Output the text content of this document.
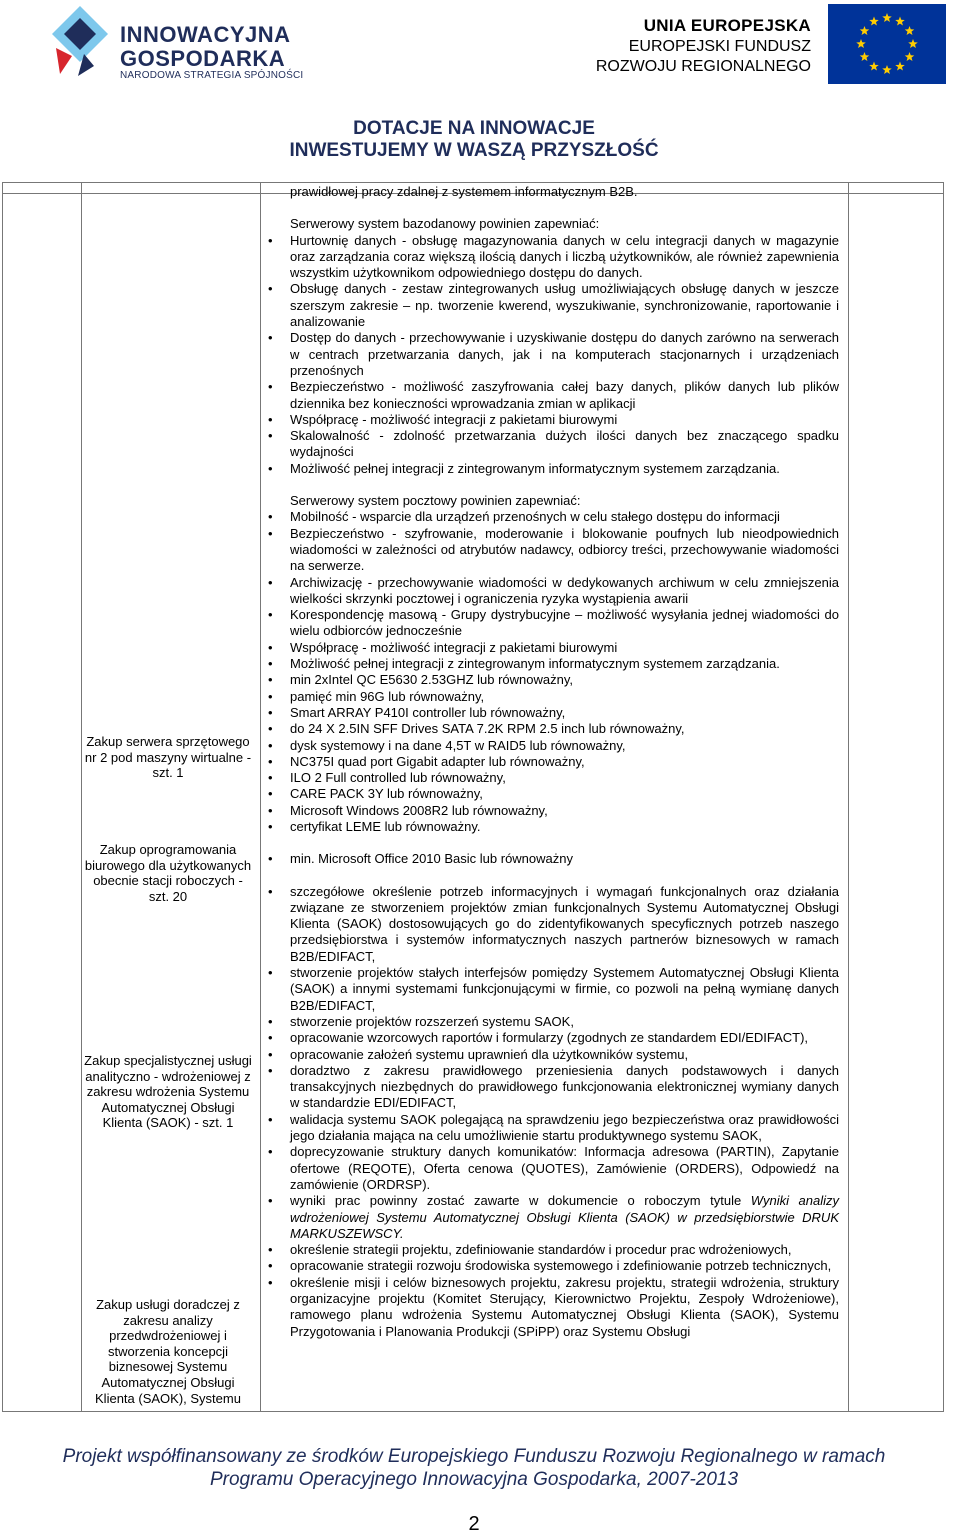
INNOWACYJNA
GOSPODARKA
NARODOWA STRATEGIA SPÓJNOŚCI
UNIA EUROPEJSKA
EUROPEJSKI FUNDUSZ
ROZWOJU REGIONALNEGO
DOTACJE NA INNOWACJE
INWESTUJEMY W WASZĄ PRZYSZŁOŚĆ
Zakup serwera sprzętowego nr 2 pod maszyny wirtualne - szt. 1
Zakup oprogramowania biurowego dla użytkowanych obecnie stacji roboczych - szt. 20
Zakup specjalistycznej usługi analityczno - wdrożeniowej z zakresu wdrożenia Systemu Automatycznej Obsługi Klienta (SAOK) - szt. 1
Zakup usługi doradczej z zakresu analizy przedwdrożeniowej i stworzenia koncepcji biznesowej Systemu Automatycznej Obsługi Klienta (SAOK), Systemu

prawidłowej pracy zdalnej z systemem informatycznym B2B.

Serwerowy system bazodanowy powinien zapewniać:

• Hurtownię danych - obsługę magazynowania danych w celu integracji danych w magazynie oraz zarządzania coraz większą ilością danych i liczbą użytkowników, ale również zapewnienia wszystkim użytkownikom odpowiedniego dostępu do danych.
• Obsługę danych - zestaw zintegrowanych usług umożliwiających obsługę danych w jeszcze szerszym zakresie – np. tworzenie kwerend, wyszukiwanie, synchronizowanie, raportowanie i analizowanie
• Dostęp do danych - przechowywanie i uzyskiwanie dostępu do danych zarówno na serwerach w centrach przetwarzania danych, jak i na komputerach stacjonarnych i urządzeniach przenośnych
• Bezpieczeństwo - możliwość zaszyfrowania całej bazy danych, plików danych lub plików dziennika bez konieczności wprowadzania zmian w aplikacji
• Współpracę - możliwość integracji z pakietami biurowymi
• Skalowalność - zdolność przetwarzania dużych ilości danych bez znaczącego spadku wydajności
• Możliwość pełnej integracji z zintegrowanym informatycznym systemem zarządzania.

Serwerowy system pocztowy powinien zapewniać:

• Mobilność - wsparcie dla urządzeń przenośnych w celu stałego dostępu do informacji
• Bezpieczeństwo - szyfrowanie, moderowanie i blokowanie poufnych lub nieodpowiednich wiadomości w zależności od atrybutów nadawcy, odbiorcy treści, przechowywanie wiadomości na serwerze.
• Archiwizację - przechowywanie wiadomości w dedykowanych archiwum w celu zmniejszenia wielkości skrzynki pocztowej i ograniczenia ryzyka wystąpienia awarii
• Korespondencję masową - Grupy dystrybucyjne – możliwość wysyłania jednej wiadomości do wielu odbiorców jednocześnie
• Współpracę - możliwość integracji z pakietami biurowymi
• Możliwość pełnej integracji z zintegrowanym informatycznym systemem zarządzania.
• min 2xIntel QC E5630 2.53GHZ lub równoważny,
• pamięć min 96G lub równoważny,
• Smart ARRAY P410I controller lub równoważny,
• do 24 X 2.5IN SFF Drives SATA 7.2K RPM 2.5 inch lub równoważny,
• dysk systemowy i na dane 4,5T w RAID5 lub równoważny,
• NC375I quad port Gigabit adapter lub równoważny,
• ILO 2 Full controlled lub równoważny,
• CARE PACK 3Y lub równoważny,
• Microsoft Windows 2008R2 lub równoważny,
• certyfikat LEME lub równoważny.
• min. Microsoft Office 2010 Basic lub równoważny
• szczegółowe określenie potrzeb informacyjnych i wymagań funkcjonalnych oraz działania związane ze stworzeniem projektów zmian funkcjonalnych Systemu Automatycznej Obsługi Klienta (SAOK) dostosowujących go do zidentyfikowanych specyficznych potrzeb naszego przedsiębiorstwa i systemów informatycznych naszych partnerów biznesowych w ramach B2B/EDIFACT,
• stworzenie projektów stałych interfejsów pomiędzy Systemem Automatycznej Obsługi Klienta (SAOK) a innymi systemami funkcjonującymi w firmie, co pozwoli na pełną wymianę danych B2B/EDIFACT,
• stworzenie projektów rozszerzeń systemu SAOK,
• opracowanie wzorcowych raportów i formularzy (zgodnych ze standardem EDI/EDIFACT),
• opracowanie założeń systemu uprawnień dla użytkowników systemu,
• doradztwo z zakresu prawidłowego przeniesienia danych podstawowych i danych transakcyjnych niezbędnych do prawidłowego funkcjonowania elektronicznej wymiany danych w standardzie EDI/EDIFACT,
• walidacja systemu SAOK polegającą na sprawdzeniu jego bezpieczeństwa oraz prawidłowości jego działania mająca na celu umożliwienie startu produktywnego systemu SAOK,
• doprecyzowanie struktury danych komunikatów: Informacja adresowa (PARTIN), Zapytanie ofertowe (REQOTE), Oferta cenowa (QUOTES), Zamówienie (ORDERS), Odpowiedź na zamówienie (ORDRSP).
• wyniki prac powinny zostać zawarte w dokumencie o roboczym tytule Wyniki analizy wdrożeniowej Systemu Automatycznej Obsługi Klienta (SAOK) w przedsiębiorstwie DRUK MARKUSZEWSCY.
• określenie strategii projektu, zdefiniowanie standardów i procedur prac wdrożeniowych,
• opracowanie strategii rozwoju środowiska systemowego i zdefiniowanie potrzeb technicznych,
• określenie misji i celów biznesowych projektu, zakresu projektu, strategii wdrożenia, struktury organizacyjne projektu (Komitet Sterujący, Kierownictwo Projektu, Zespoły Wdrożeniowe), ramowego planu wdrożenia Systemu Automatycznej Obsługi Klienta (SAOK), Systemu Przygotowania i Planowania Produkcji (SPiPP) oraz Systemu Obsługi
Projekt współfinansowany ze środków Europejskiego Funduszu Rozwoju Regionalnego w ramach
Programu Operacyjnego Innowacyjna Gospodarka, 2007-2013
2
